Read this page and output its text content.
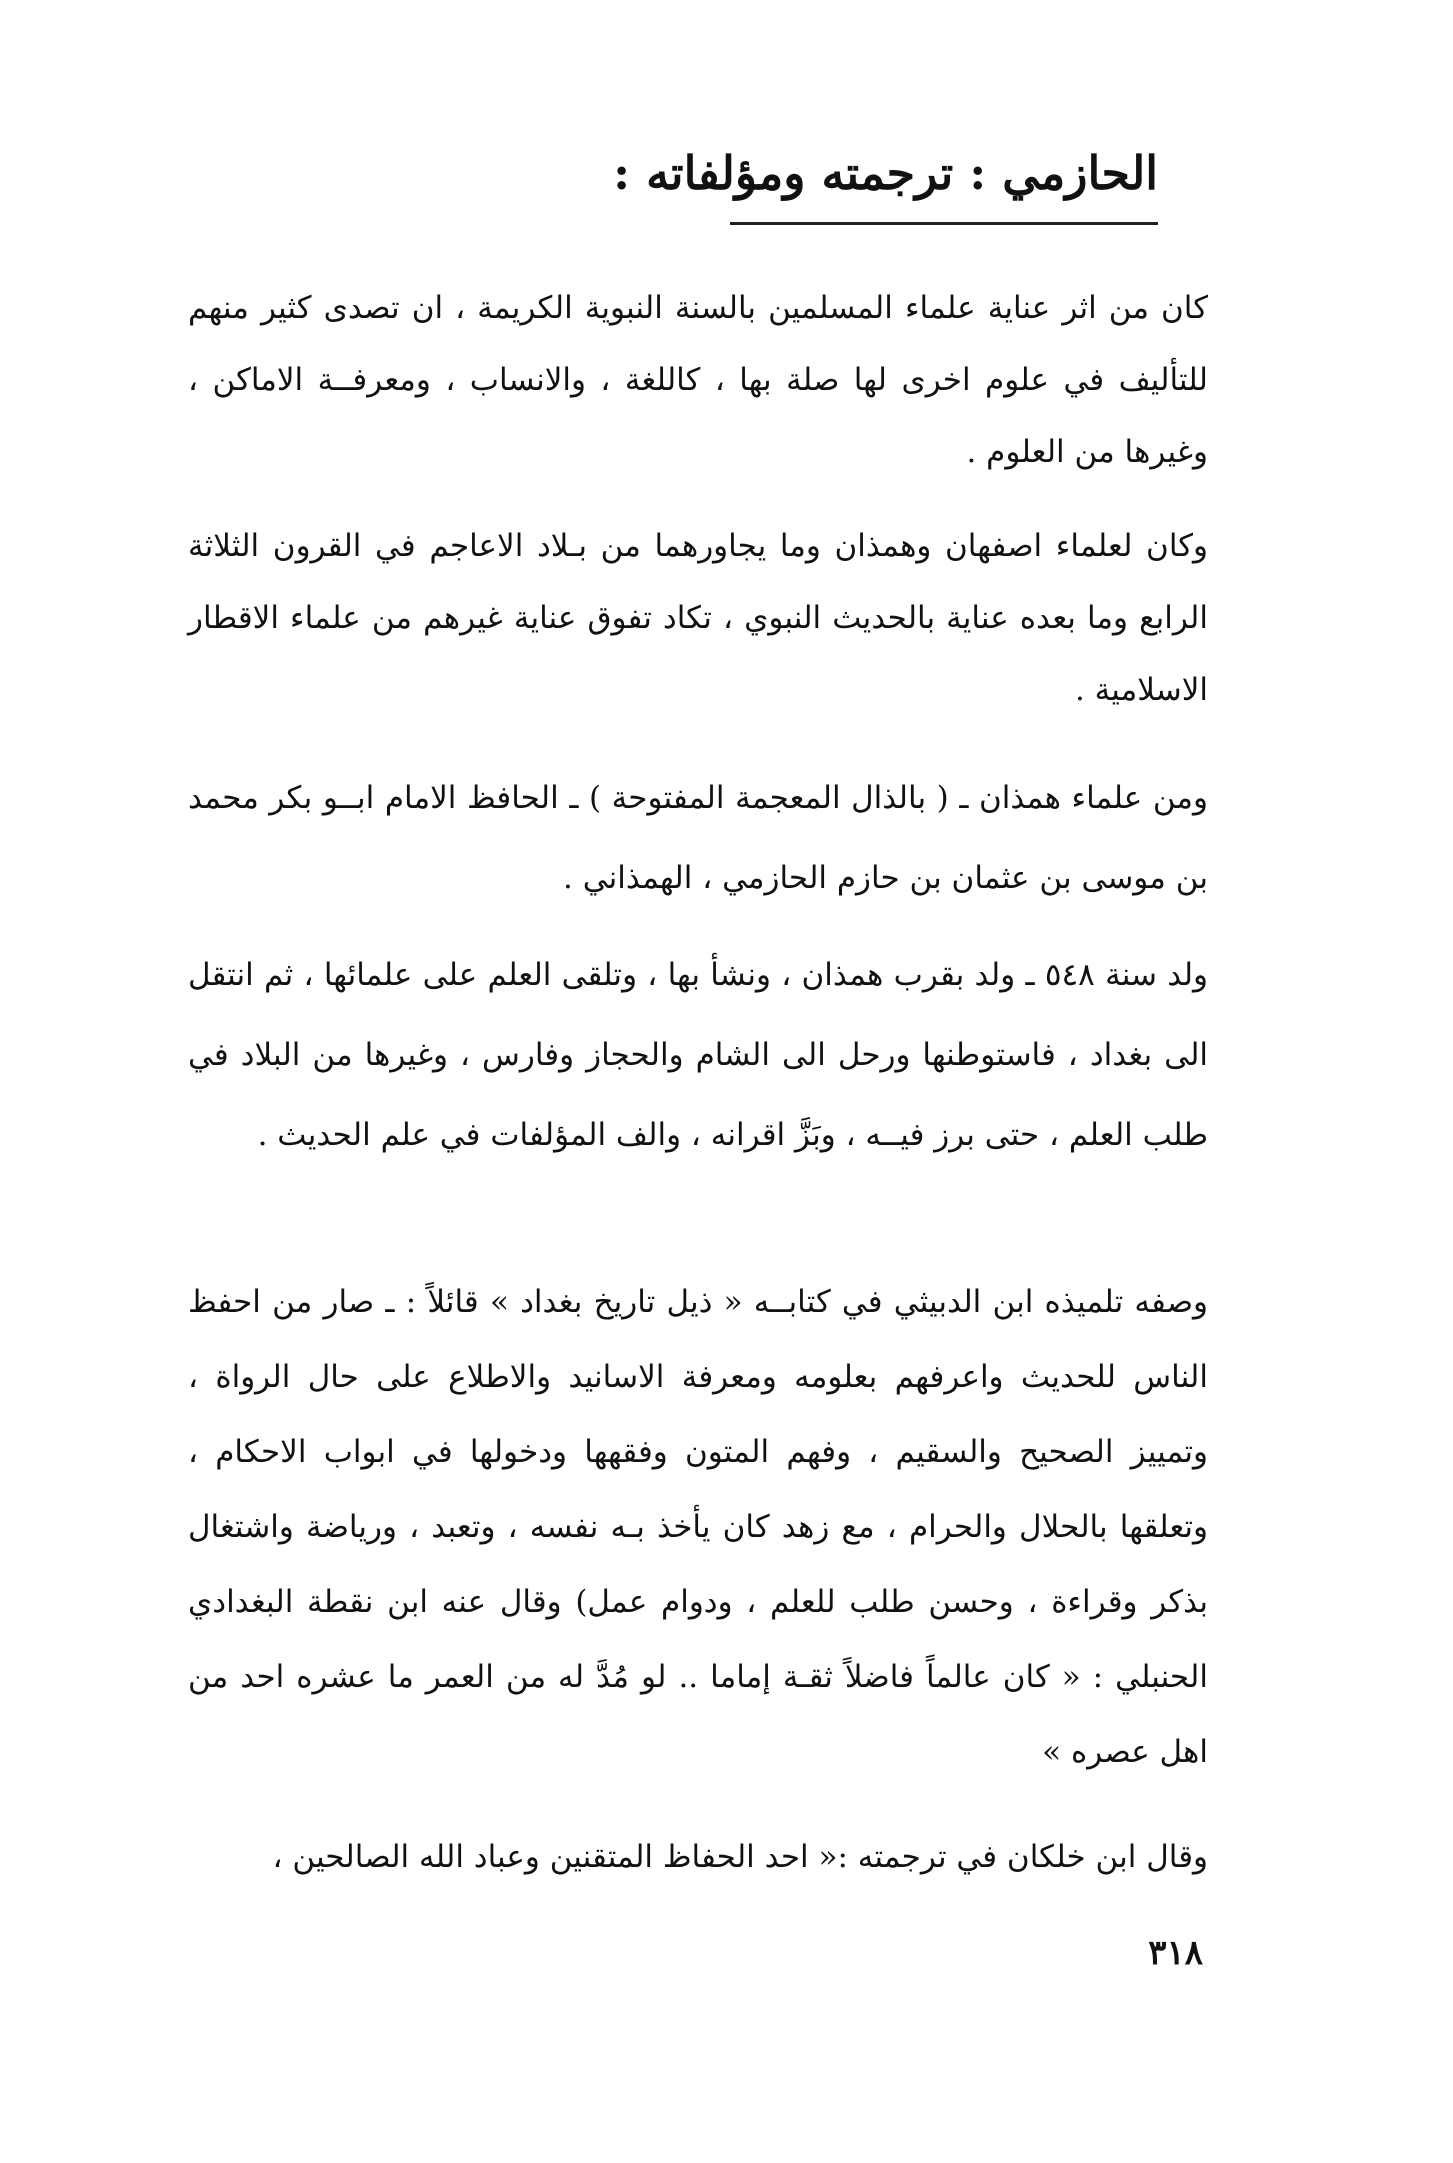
الحازمي : ترجمته ومؤلفاته :

كان من اثر عناية علماء المسلمين بالسنة النبوية الكريمة ، ان تصدى كثير منهم للتأليف في علوم اخرى لها صلة بها ، كاللغة ، والانساب ، ومعرفــة الاماكن ، وغيرها من العلوم .

وكان لعلماء اصفهان وهمذان وما يجاورهما من بـلاد الاعاجم في القرون الثلاثة الرابع وما بعده عناية بالحديث النبوي ، تكاد تفوق عناية غيرهم من علماء الاقطار الاسلامية .

ومن علماء همذان ـ ( بالذال المعجمة المفتوحة ) ـ الحافظ الامام ابــو بكر محمد بن موسى بن عثمان بن حازم الحازمي ، الهمذاني .

ولد سنة ٥٤٨ ـ ولد بقرب همذان ، ونشأ بها ، وتلقى العلم على علمائها ، ثم انتقل الى بغداد ، فاستوطنها ورحل الى الشام والحجاز وفارس ، وغيرها من البلاد في طلب العلم ، حتى برز فيــه ، وبَزَّ اقرانه ، والف المؤلفات في علم الحديث .

وصفه تلميذه ابن الدبيثي في كتابــه « ذيل تاريخ بغداد » قائلاً : ـ صار من احفظ الناس للحديث واعرفهم بعلومه ومعرفة الاسانيد والاطلاع على حال الرواة ، وتمييز الصحيح والسقيم ، وفهم المتون وفقهها ودخولها في ابواب الاحكام ، وتعلقها بالحلال والحرام ، مع زهد كان يأخذ بـه نفسه ، وتعبد ، ورياضة واشتغال بذكر وقراءة ، وحسن طلب للعلم ، ودوام عمل) وقال عنه ابن نقطة البغدادي الحنبلي : « كان عالماً فاضلاً ثقـة إماما .. لو مُدَّ له من العمر ما عشره احد من اهل عصره »

وقال ابن خلكان في ترجمته :« احد الحفاظ المتقنين وعباد الله الصالحين ،

٣١٨
